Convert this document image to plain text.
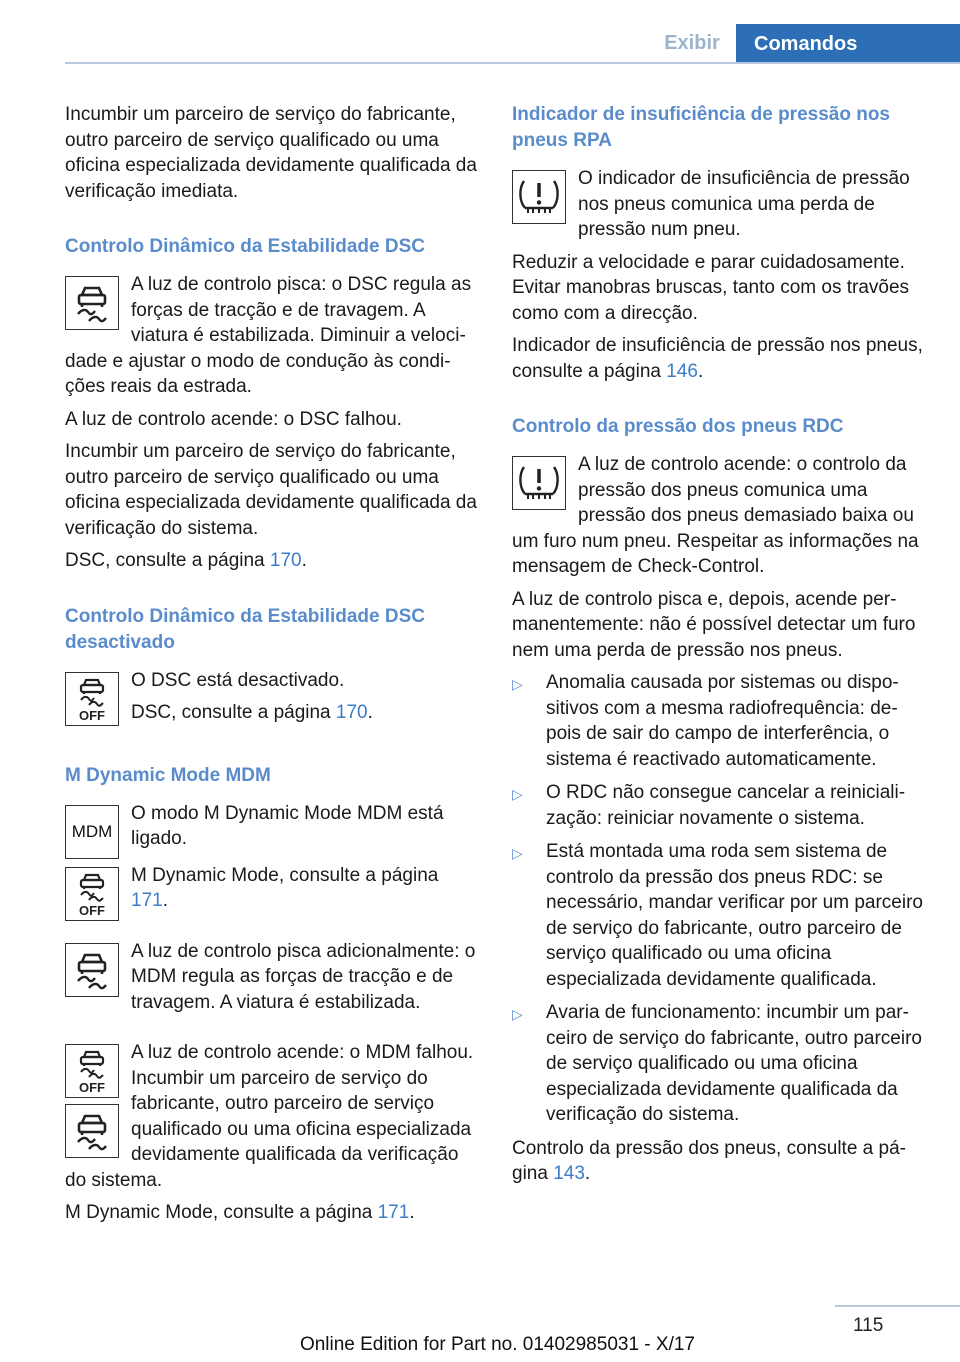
Exibir	Comandos

Incumbir um parceiro de serviço do fabricante, outro parceiro de serviço qualificado ou uma oficina especializada devidamente qualificada da verificação imediata.

Controlo Dinâmico da Estabilidade DSC

A luz de controlo pisca: o DSC regula as forças de tracção e de travagem. A viatura é estabilizada. Diminuir a velocidade e ajustar o modo de condução às condições reais da estrada.

A luz de controlo acende: o DSC falhou.

Incumbir um parceiro de serviço do fabricante, outro parceiro de serviço qualificado ou uma oficina especializada devidamente qualificada da verificação do sistema.

DSC, consulte a página 170.

Controlo Dinâmico da Estabilidade DSC desactivado
OFF

O DSC está desactivado.

DSC, consulte a página 170.

M Dynamic Mode MDM
MDM

O modo M Dynamic Mode MDM está ligado.

OFF

M Dynamic Mode, consulte a página 171.

A luz de controlo pisca adicionalmente: o MDM regula as forças de tracção e de travagem. A viatura é estabilizada.

OFF

A luz de controlo acende: o MDM falhou. Incumbir um parceiro de serviço do fabricante, outro parceiro de serviço qualificado ou uma oficina especializada devidamente qualificada da verificação do sistema.

M Dynamic Mode, consulte a página 171.

Indicador de insuficiência de pressão nos pneus RPA

O indicador de insuficiência de pressão nos pneus comunica uma perda de pressão num pneu.

Reduzir a velocidade e parar cuidadosamente. Evitar manobras bruscas, tanto com os travões como com a direcção.

Indicador de insuficiência de pressão nos pneus, consulte a página 146.

Controlo da pressão dos pneus RDC

A luz de controlo acende: o controlo da pressão dos pneus comunica uma pressão dos pneus demasiado baixa ou um furo num pneu. Respeitar as informações na mensagem de Check-Control.

A luz de controlo pisca e, depois, acende permanentemente: não é possível detectar um furo nem uma perda de pressão nos pneus.

▷ Anomalia causada por sistemas ou dispositivos com a mesma radiofrequência: depois de sair do campo de interferência, o sistema é reactivado automaticamente.
▷ O RDC não consegue cancelar a reinicialização: reiniciar novamente o sistema.
▷ Está montada uma roda sem sistema de controlo da pressão dos pneus RDC: se necessário, mandar verificar por um parceiro de serviço do fabricante, outro parceiro de serviço qualificado ou uma oficina especializada devidamente qualificada.
▷ Avaria de funcionamento: incumbir um parceiro de serviço do fabricante, outro parceiro de serviço qualificado ou uma oficina especializada devidamente qualificada da verificação do sistema.

Controlo da pressão dos pneus, consulte a página 143.

115
Online Edition for Part no. 01402985031 - X/17
